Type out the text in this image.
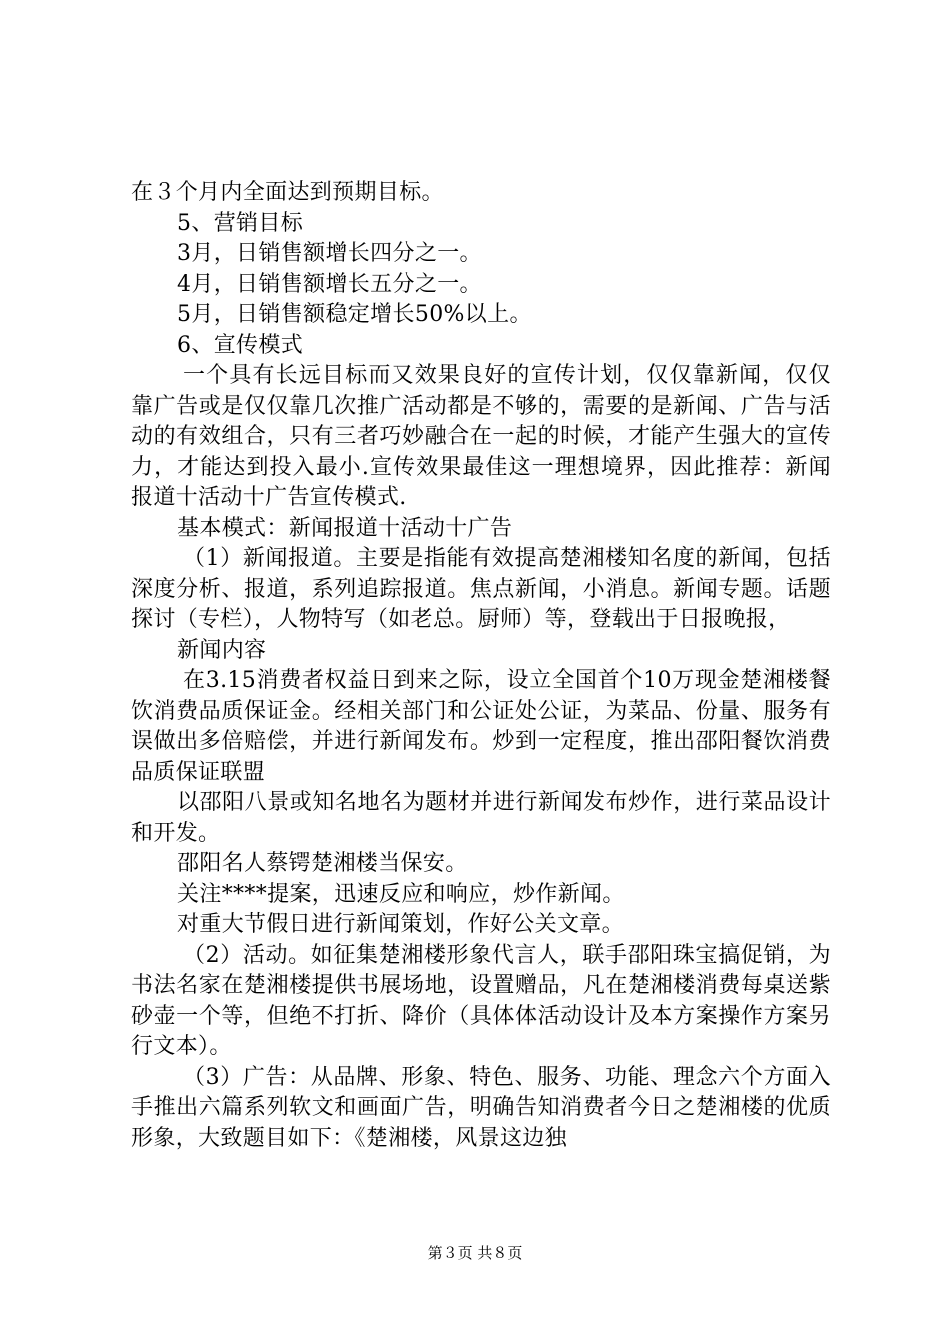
在３个月内全面达到预期目标。

5、营销目标

3月，日销售额增长四分之一。

4月，日销售额增长五分之一。

5月，日销售额稳定增长50%以上。

6、宣传模式

一个具有长远目标而又效果良好的宣传计划，仅仅靠新闻，仅仅靠广告或是仅仅靠几次推广活动都是不够的，需要的是新闻、广告与活动的有效组合，只有三者巧妙融合在一起的时候，才能产生强大的宣传力，才能达到投入最小.宣传效果最佳这一理想境界，因此推荐：新闻报道十活动十广告宣传模式.

基本模式：新闻报道十活动十广告

（1）新闻报道。主要是指能有效提高楚湘楼知名度的新闻，包括深度分析、报道，系列追踪报道。焦点新闻，小消息。新闻专题。话题探讨（专栏），人物特写（如老总。厨师）等，登载出于日报晚报，

新闻内容

在3.15消费者权益日到来之际，设立全国首个10万现金楚湘楼餐饮消费品质保证金。经相关部门和公证处公证，为菜品、份量、服务有误做出多倍赔偿，并进行新闻发布。炒到一定程度，推出邵阳餐饮消费品质保证联盟

以邵阳八景或知名地名为题材并进行新闻发布炒作，进行菜品设计和开发。

邵阳名人蔡锷楚湘楼当保安。

关注****提案，迅速反应和响应，炒作新闻。

对重大节假日进行新闻策划，作好公关文章。

（2）活动。如征集楚湘楼形象代言人，联手邵阳珠宝搞促销，为书法名家在楚湘楼提供书展场地，设置赠品，凡在楚湘楼消费每桌送紫砂壶一个等，但绝不打折、降价（具体体活动设计及本方案操作方案另行文本）。

（3）广告：从品牌、形象、特色、服务、功能、理念六个方面入手推出六篇系列软文和画面广告，明确告知消费者今日之楚湘楼的优质形象，大致题目如下：《楚湘楼，风景这边独

第３页 共８页
